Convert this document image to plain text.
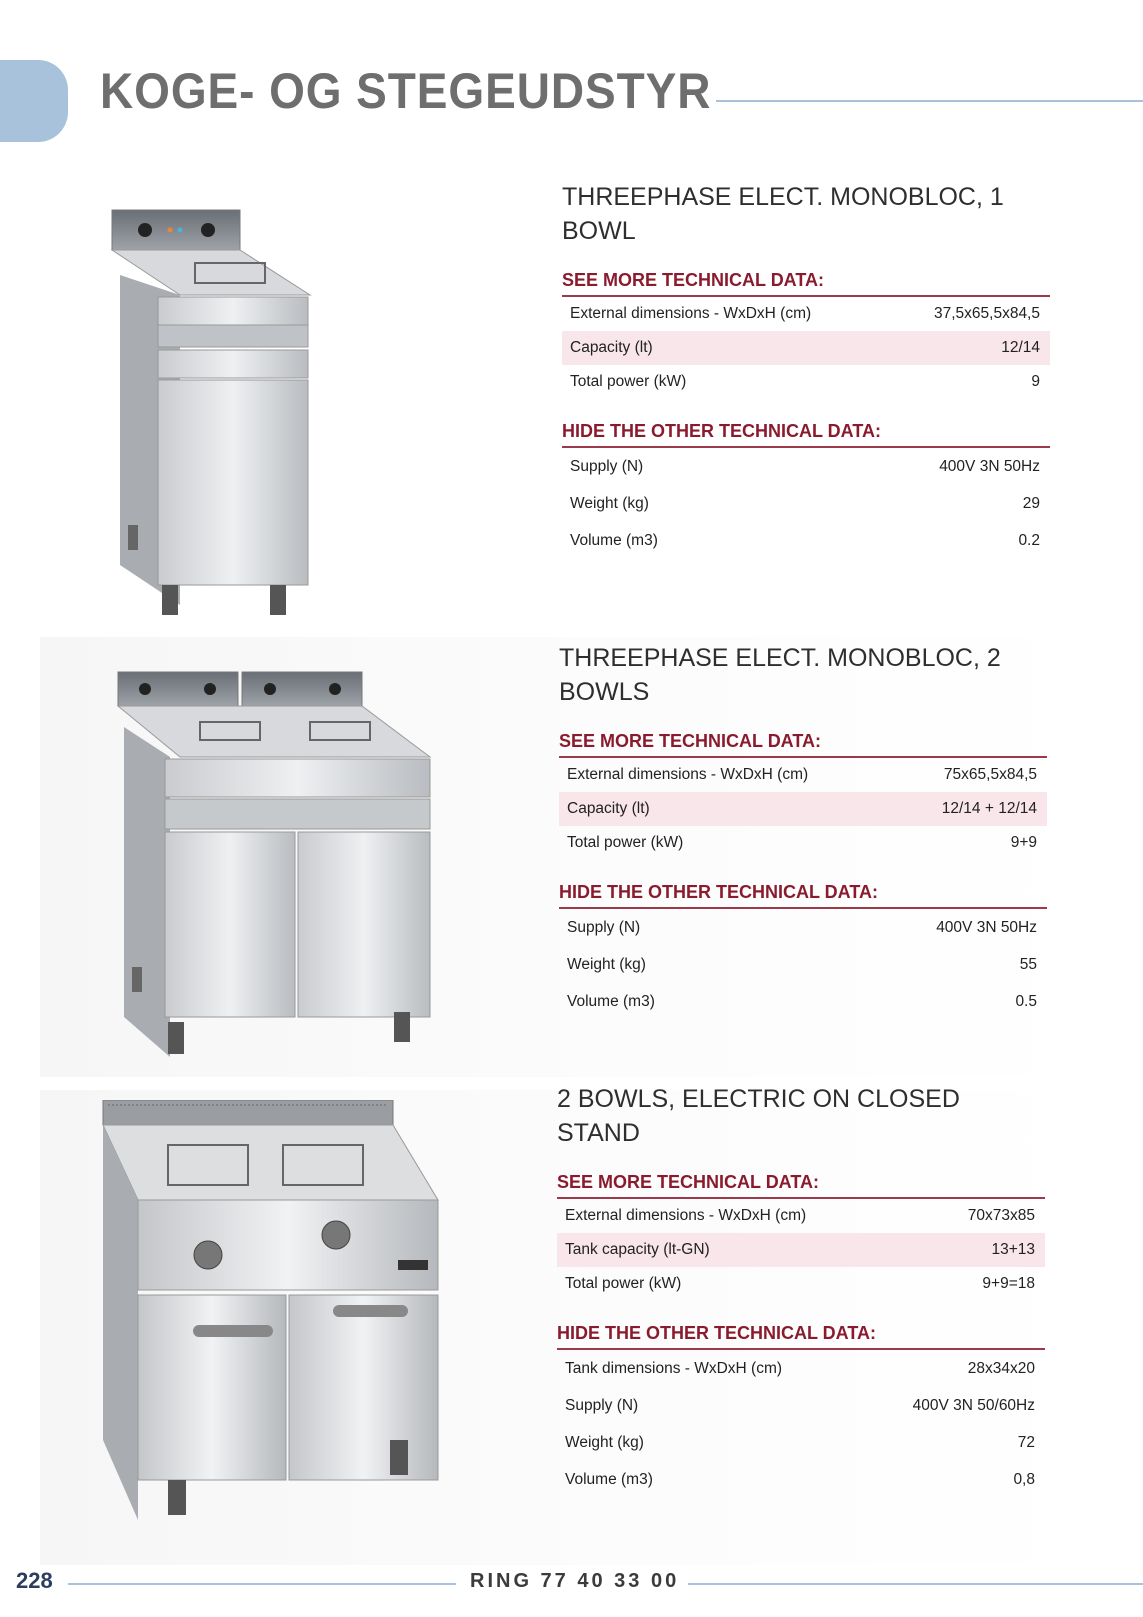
KOGE- OG STEGEUDSTYR
THREEPHASE ELECT. MONOBLOC, 1 BOWL
SEE MORE TECHNICAL DATA:
External dimensions - WxDxH (cm)	37,5x65,5x84,5
Capacity (lt)	12/14
Total power (kW)	9
HIDE THE OTHER TECHNICAL DATA:
Supply (N)	400V 3N 50Hz
Weight (kg)	29
Volume (m3)	0.2
THREEPHASE ELECT. MONOBLOC, 2 BOWLS
SEE MORE TECHNICAL DATA:
External dimensions - WxDxH (cm)	75x65,5x84,5
Capacity (lt)	12/14 + 12/14
Total power (kW)	9+9
HIDE THE OTHER TECHNICAL DATA:
Supply (N)	400V 3N 50Hz
Weight (kg)	55
Volume (m3)	0.5
2 BOWLS, ELECTRIC ON CLOSED STAND
SEE MORE TECHNICAL DATA:
External dimensions - WxDxH (cm)	70x73x85
Tank capacity (lt-GN)	13+13
Total power (kW)	9+9=18
HIDE THE OTHER TECHNICAL DATA:
Tank dimensions - WxDxH (cm)	28x34x20
Supply (N)	400V 3N 50/60Hz
Weight (kg)	72
Volume (m3)	0,8
228	RING 77 40 33 00
